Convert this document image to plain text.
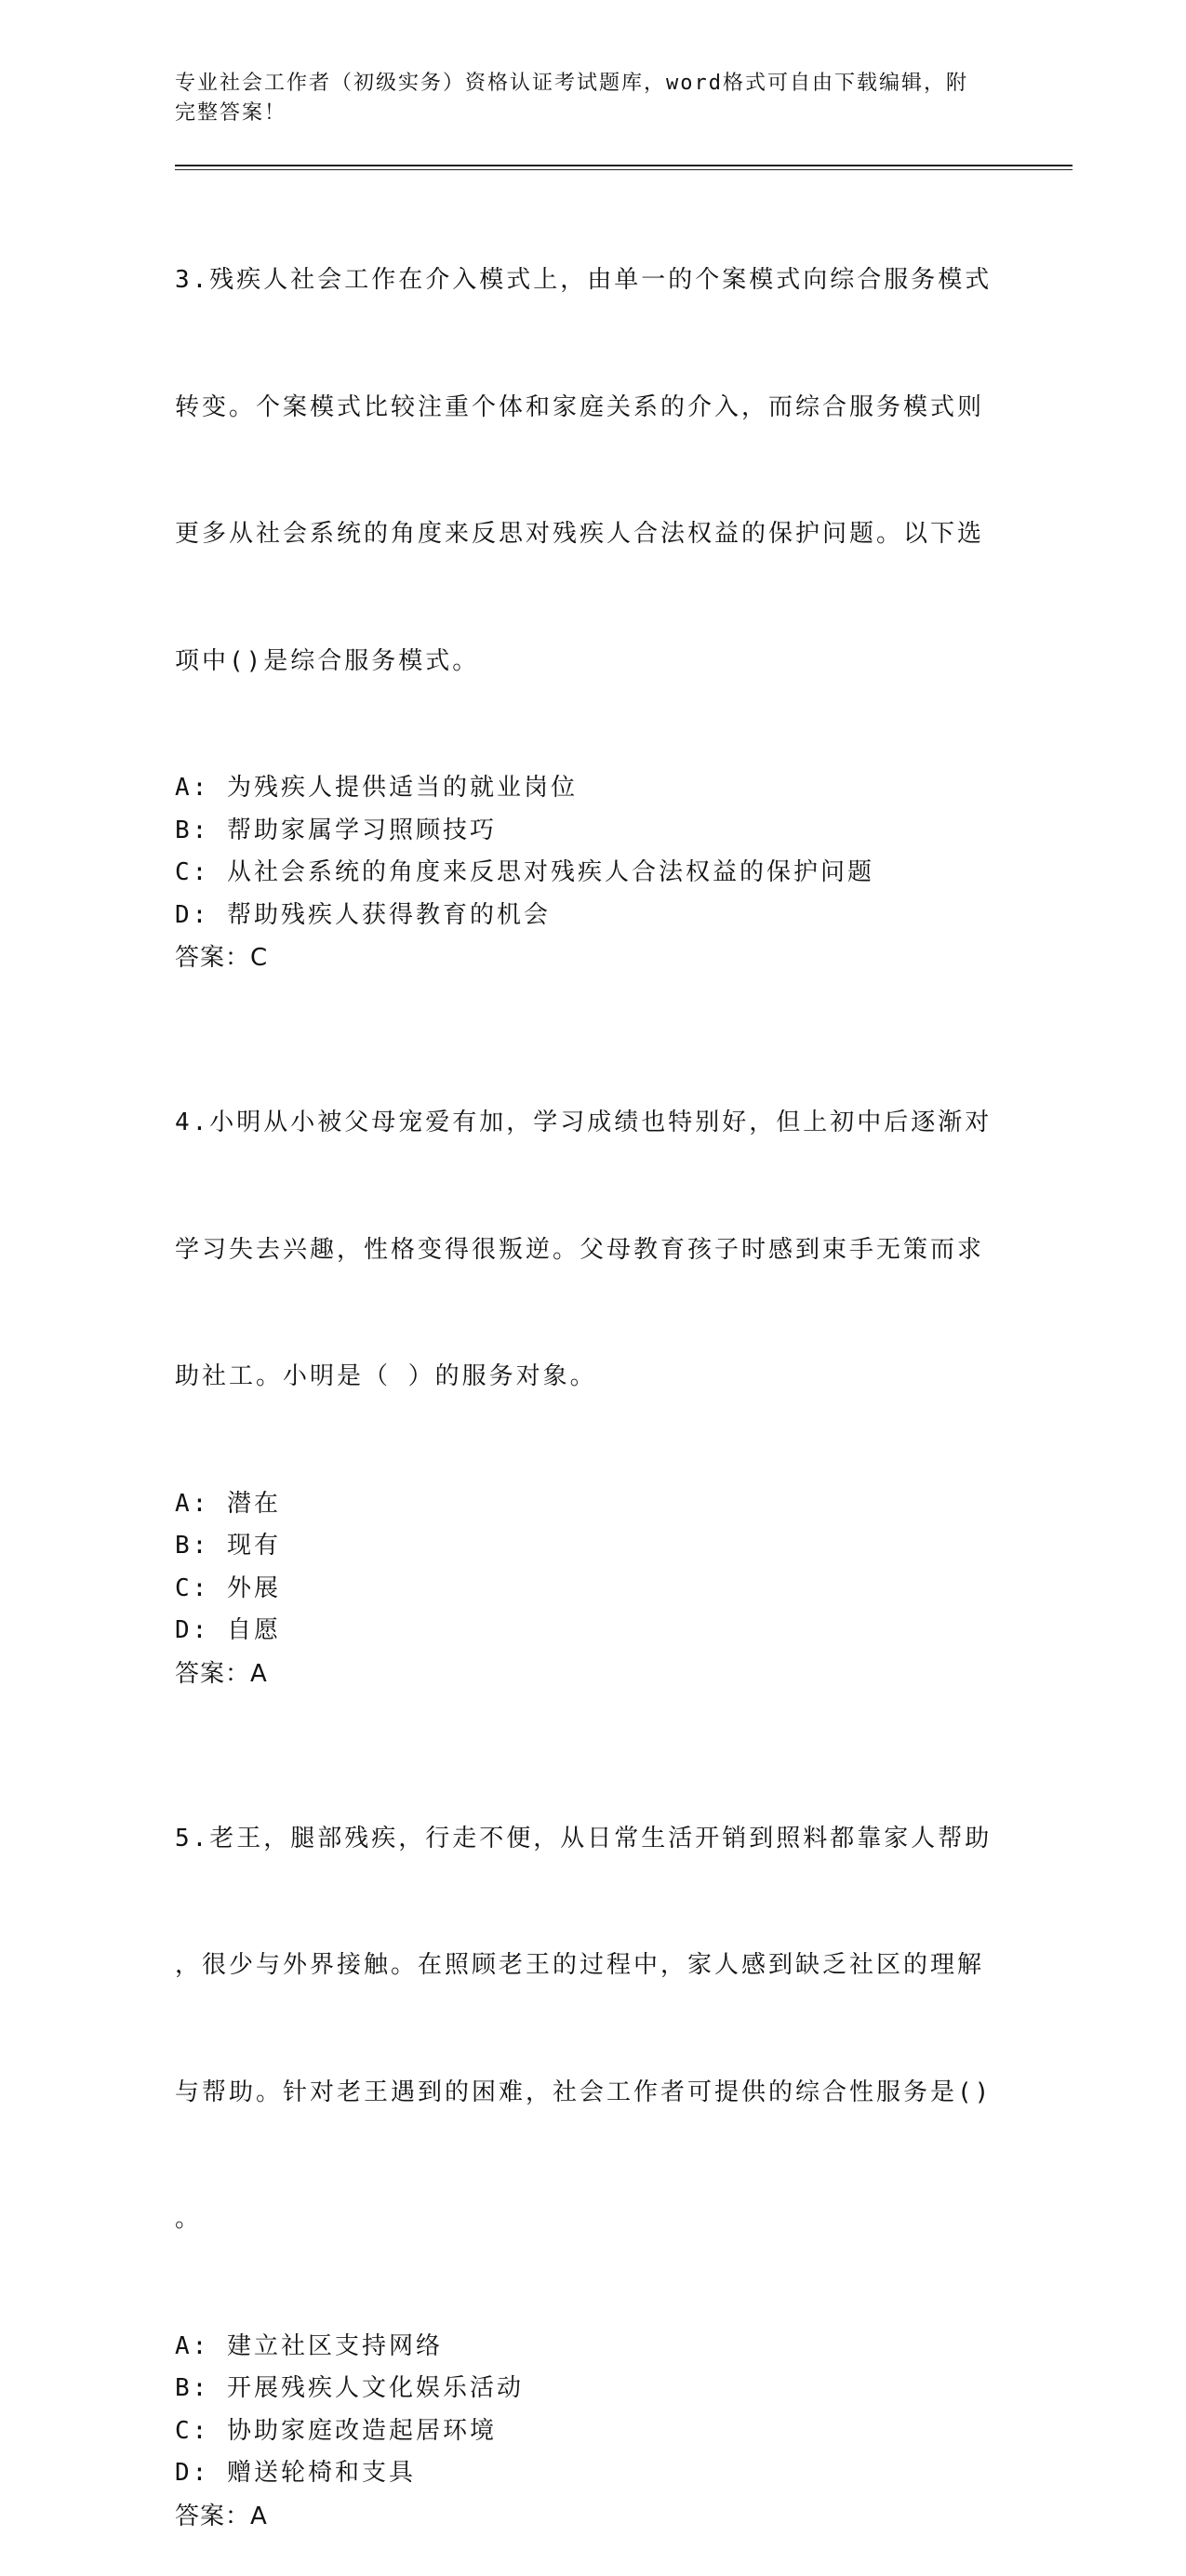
专业社会工作者（初级实务）资格认证考试题库，word格式可自由下载编辑，附
完整答案！

3.残疾人社会工作在介入模式上，由单一的个案模式向综合服务模式

转变。个案模式比较注重个体和家庭关系的介入，而综合服务模式则

更多从社会系统的角度来反思对残疾人合法权益的保护问题。以下选

项中()是综合服务模式。

A: 为残疾人提供适当的就业岗位
B: 帮助家属学习照顾技巧
C: 从社会系统的角度来反思对残疾人合法权益的保护问题
D: 帮助残疾人获得教育的机会
答案：C

4.小明从小被父母宠爱有加，学习成绩也特别好，但上初中后逐渐对

学习失去兴趣，性格变得很叛逆。父母教育孩子时感到束手无策而求

助社工。小明是（ ）的服务对象。

A: 潜在
B: 现有
C: 外展
D: 自愿
答案：A

5.老王，腿部残疾，行走不便，从日常生活开销到照料都靠家人帮助

，很少与外界接触。在照顾老王的过程中，家人感到缺乏社区的理解

与帮助。针对老王遇到的困难，社会工作者可提供的综合性服务是()

。

A: 建立社区支持网络
B: 开展残疾人文化娱乐活动
C: 协助家庭改造起居环境
D: 赠送轮椅和支具
答案：A
